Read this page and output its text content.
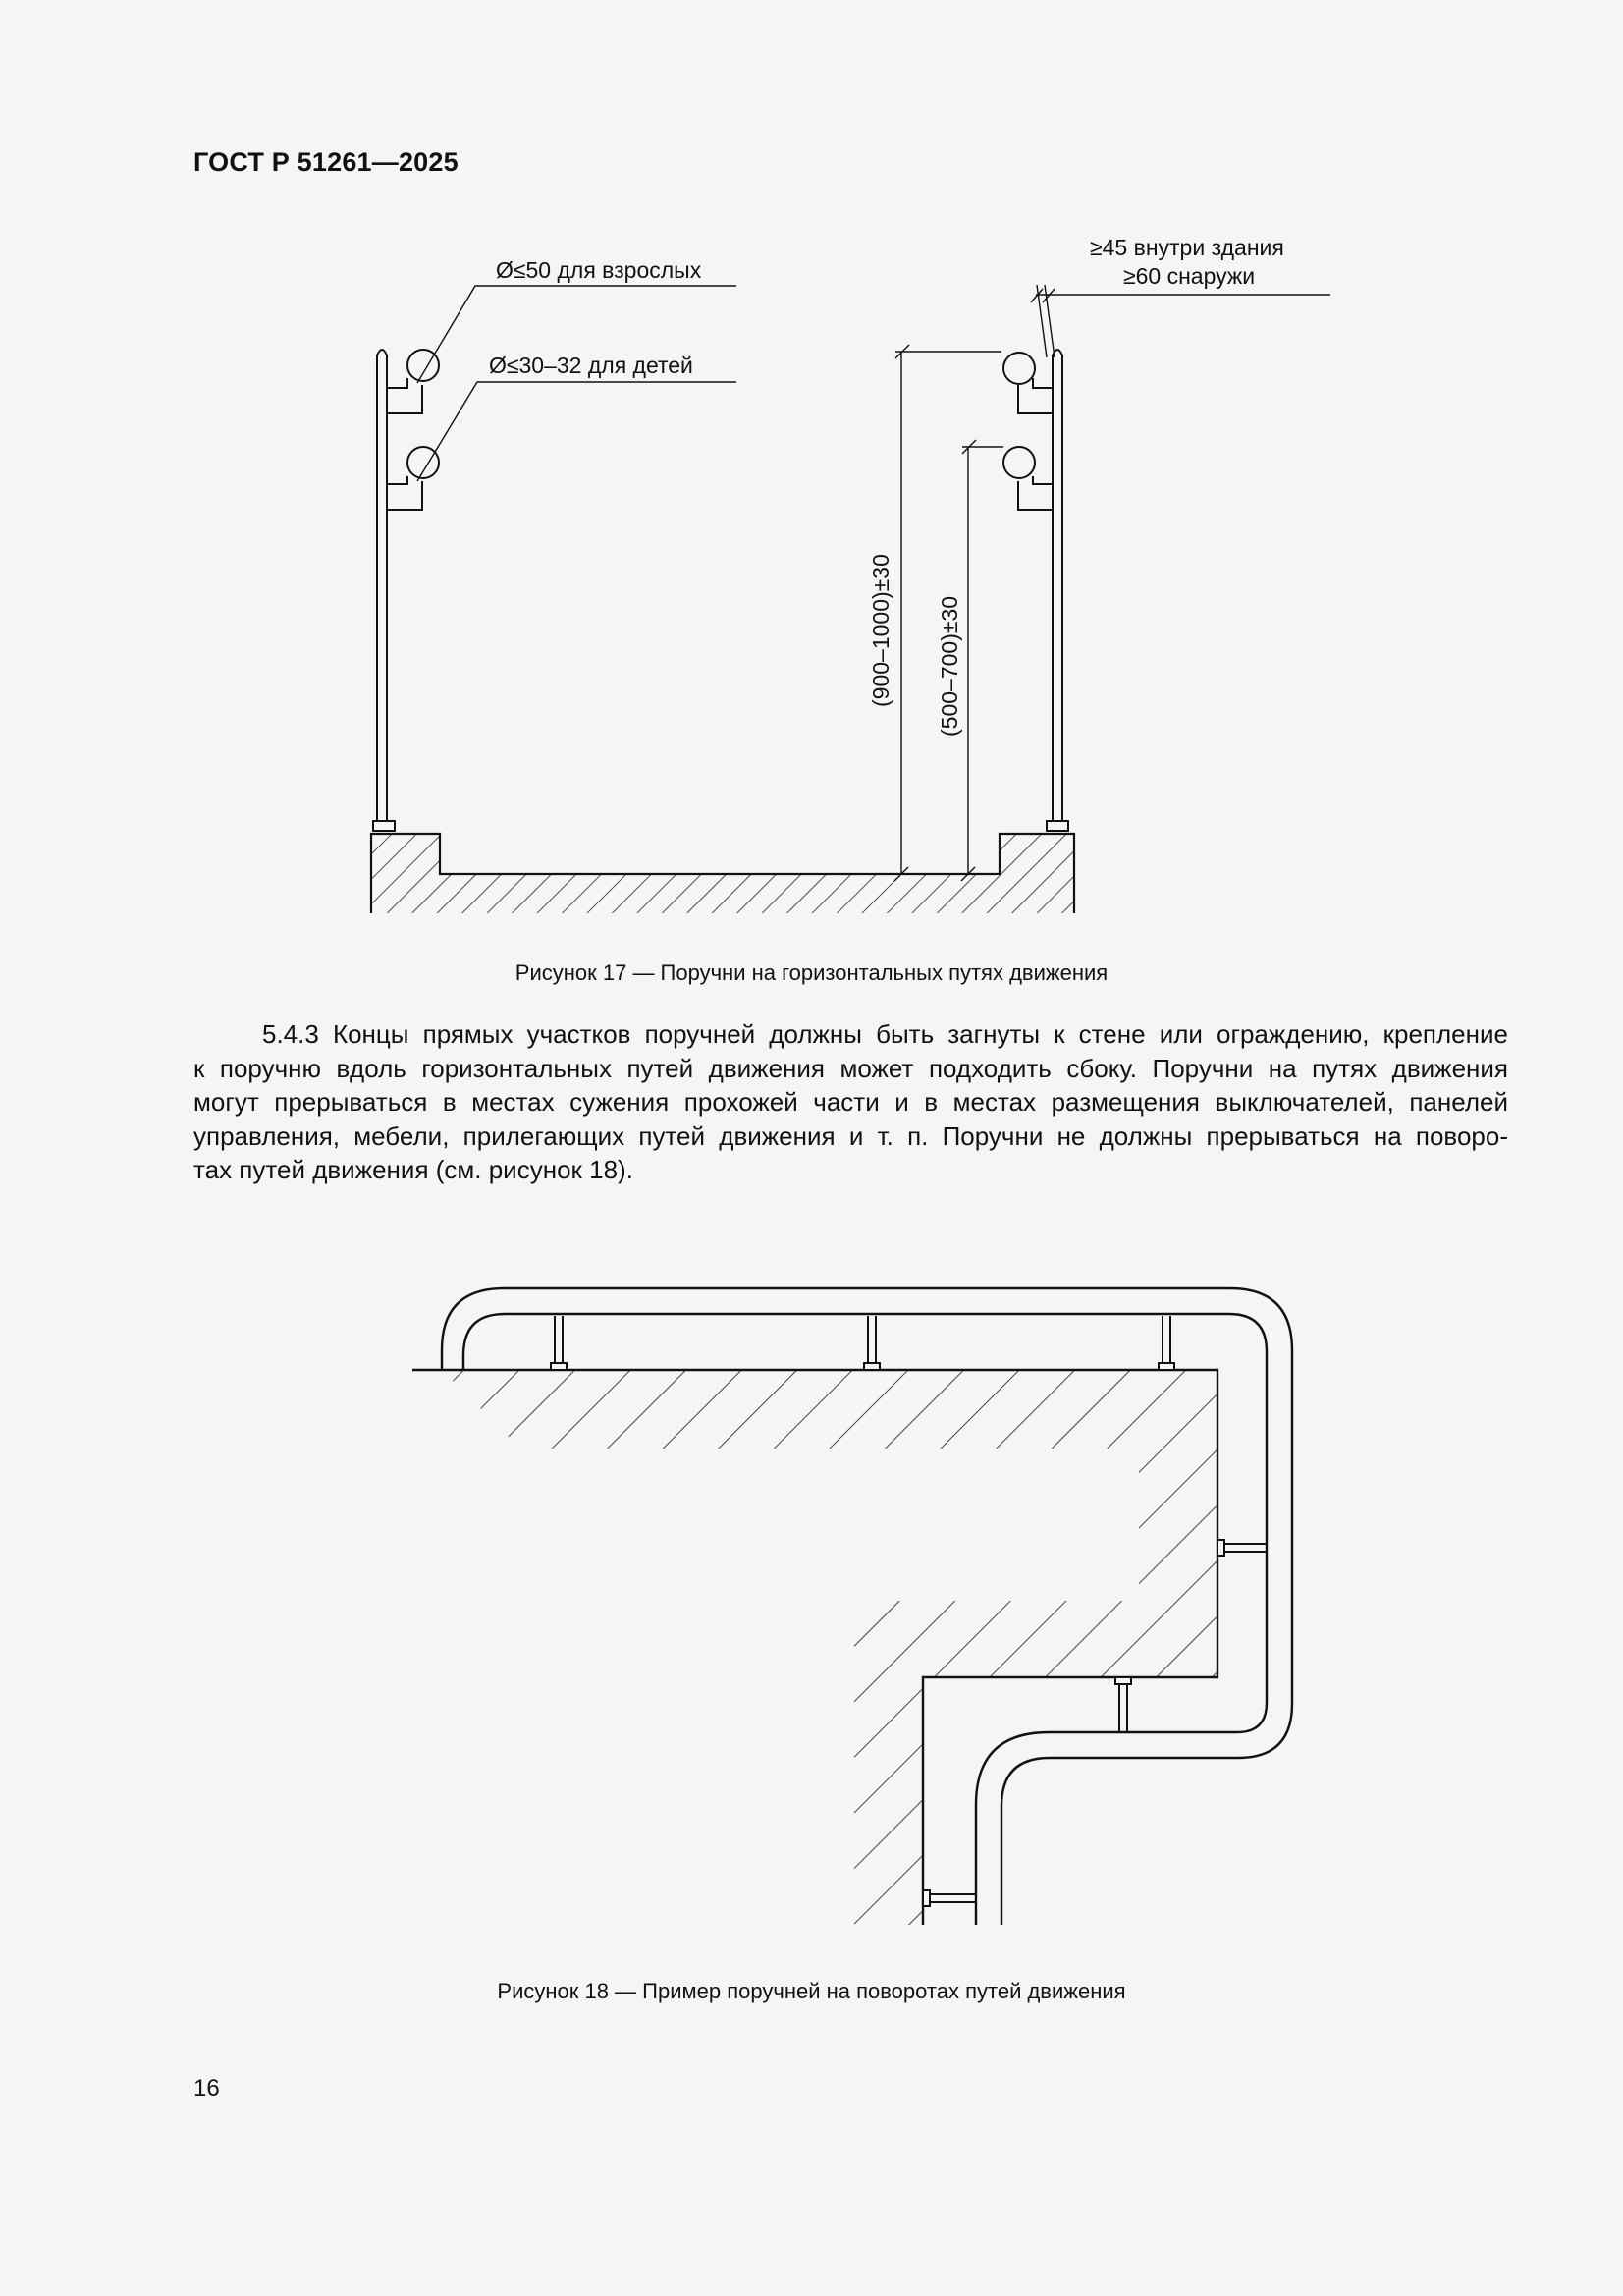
ГОСТ Р 51261—2025
Ø≤50 для взрослых
Ø≤30–32 для детей
≥45 внутри здания
≥60 снаружи
(900–1000)±30 (500–700)±30
Рисунок 17 — Поручни на горизонтальных путях движения
5.4.3 Концы прямых участков поручней должны быть загнуты к стене или ограждению, крепление
к поручню вдоль горизонтальных путей движения может подходить сбоку. Поручни на путях движения
могут прерываться в местах сужения прохожей части и в местах размещения выключателей, панелей
управления, мебели, прилегающих путей движения и т. п. Поручни не должны прерываться на поворо-
тах путей движения (см. рисунок 18).
Рисунок 18 — Пример поручней на поворотах путей движения
16
